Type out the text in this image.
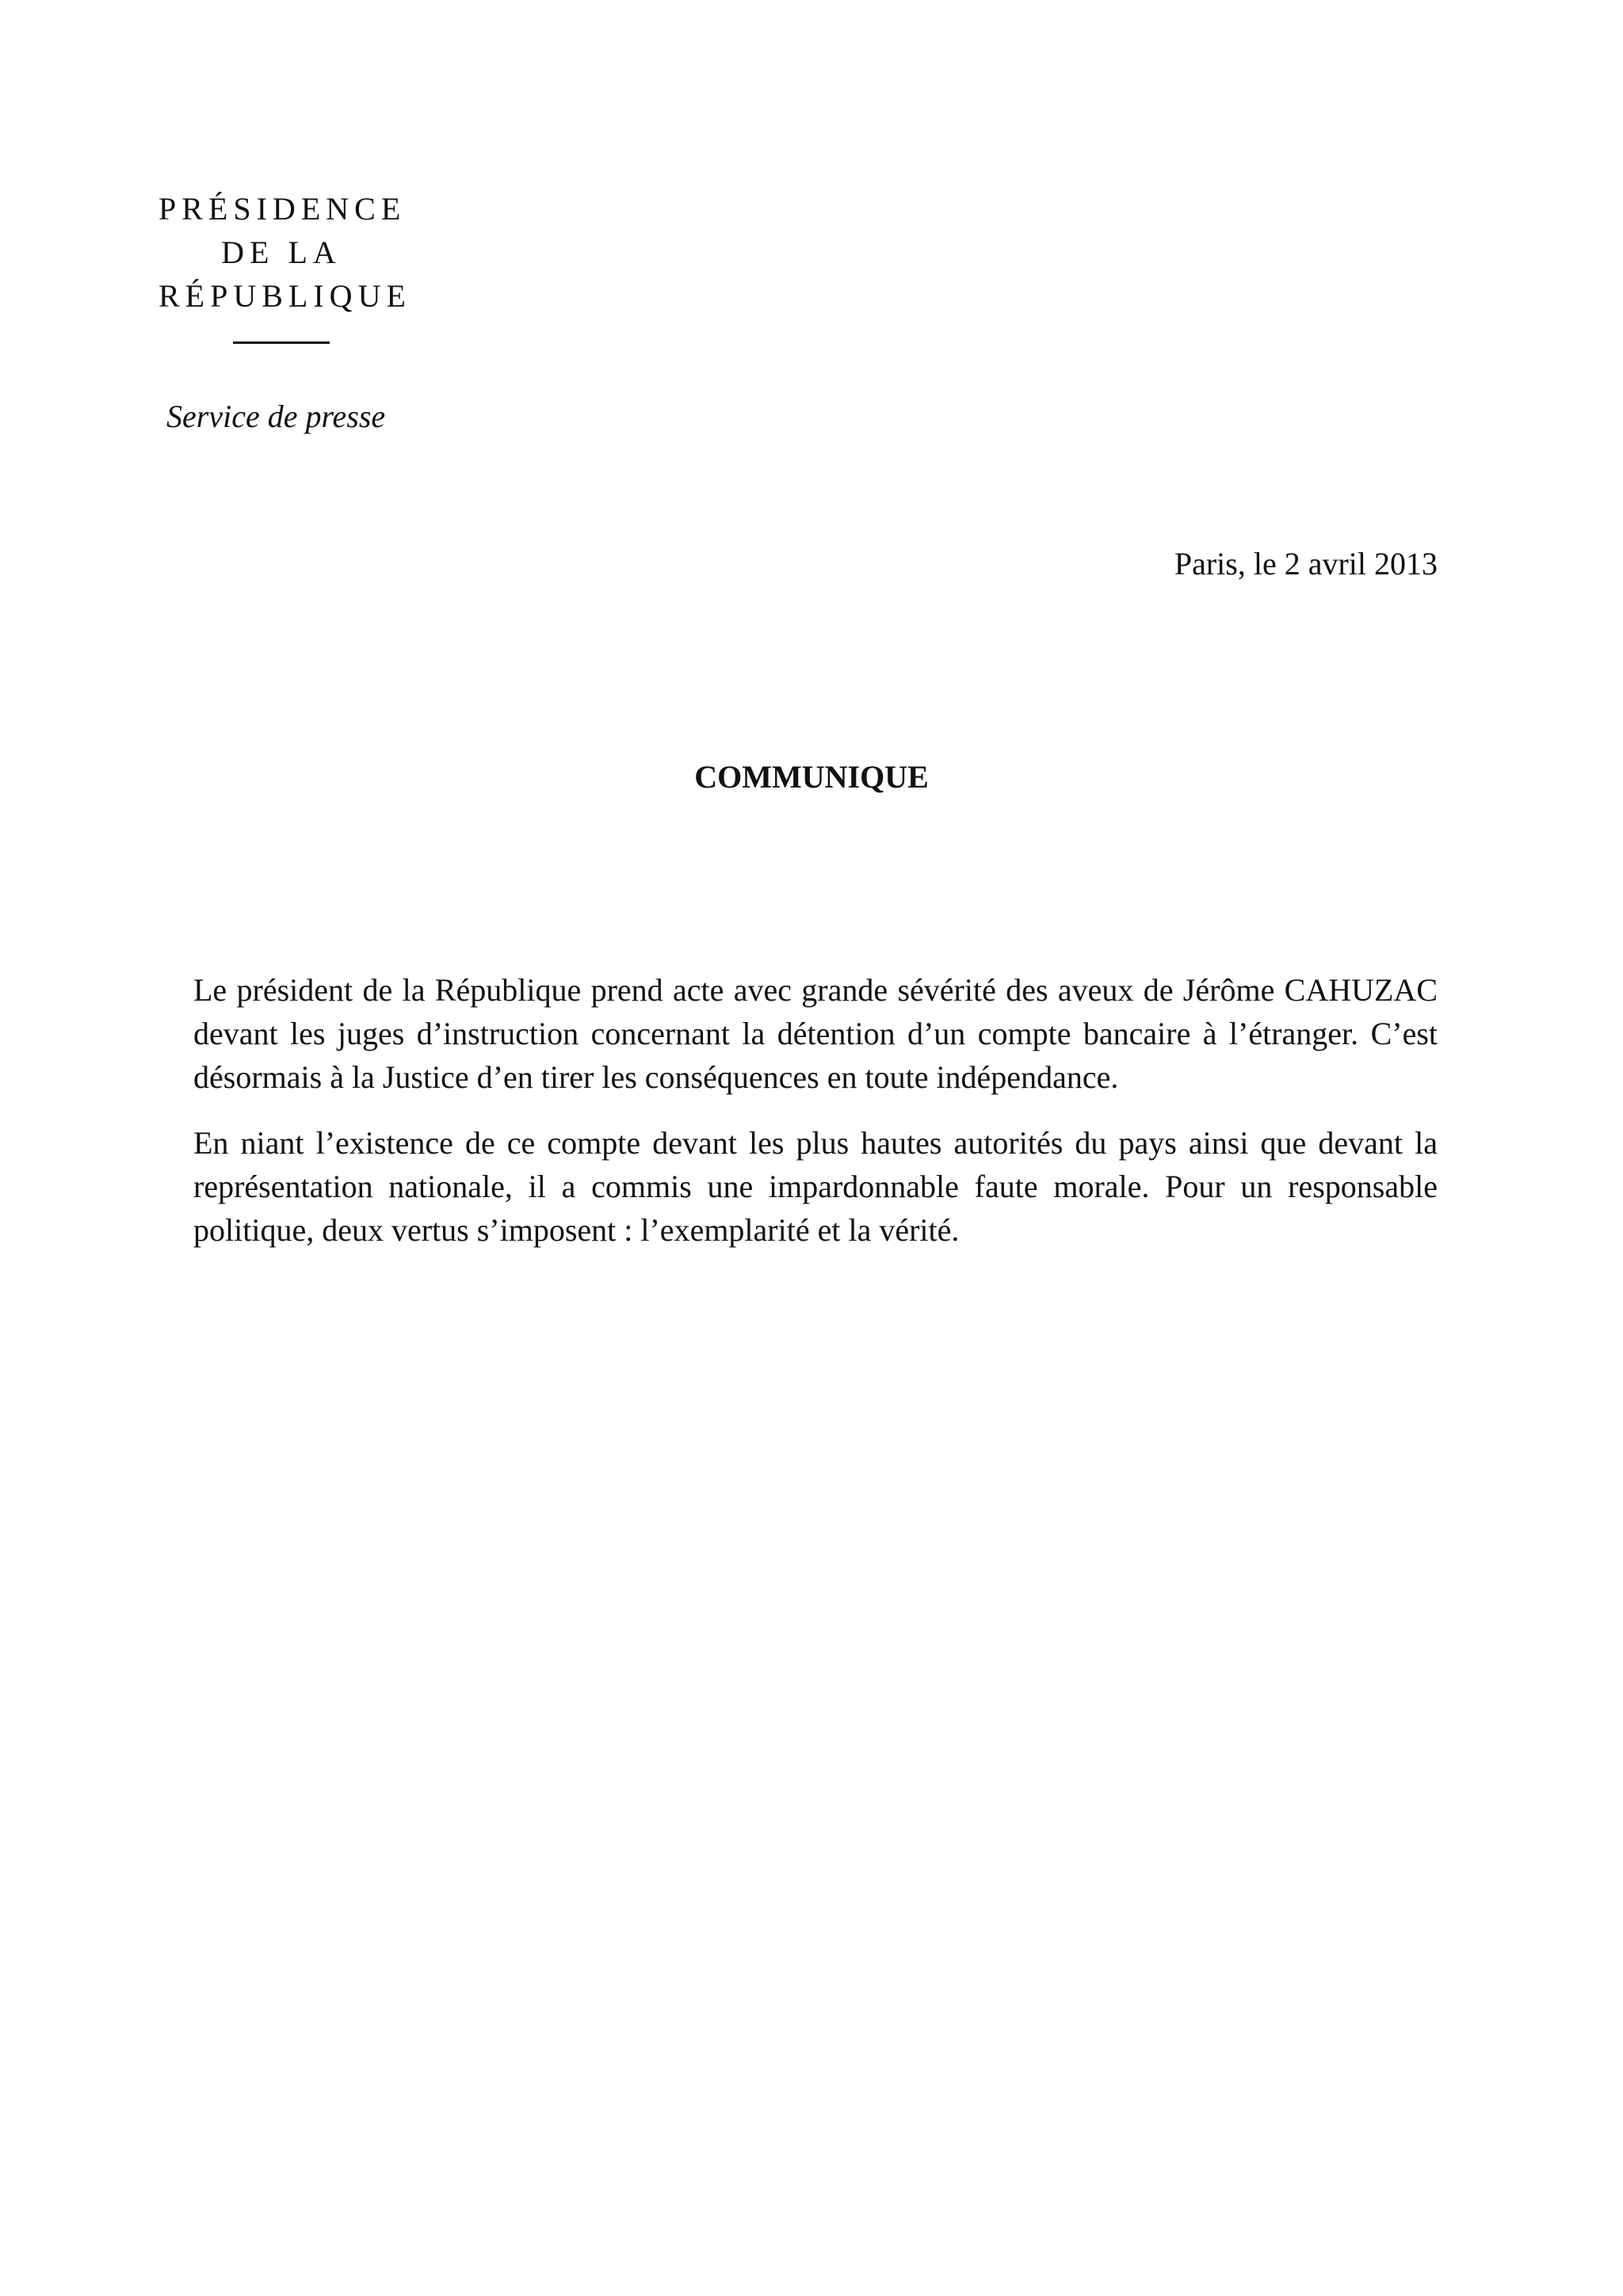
PRÉSIDENCE
DE LA
RÉPUBLIQUE
Service de presse
Paris, le 2 avril 2013
COMMUNIQUE

Le président de la République prend acte avec grande sévérité des aveux de Jérôme CAHUZAC devant les juges d’instruction concernant la détention d’un compte bancaire à l’étranger. C’est désormais à la Justice d’en tirer les conséquences en toute indépendance.

En niant l’existence de ce compte devant les plus hautes autorités du pays ainsi que devant la représentation nationale, il a commis une impardonnable faute morale. Pour un responsable politique, deux vertus s’imposent : l’exemplarité et la vérité.
